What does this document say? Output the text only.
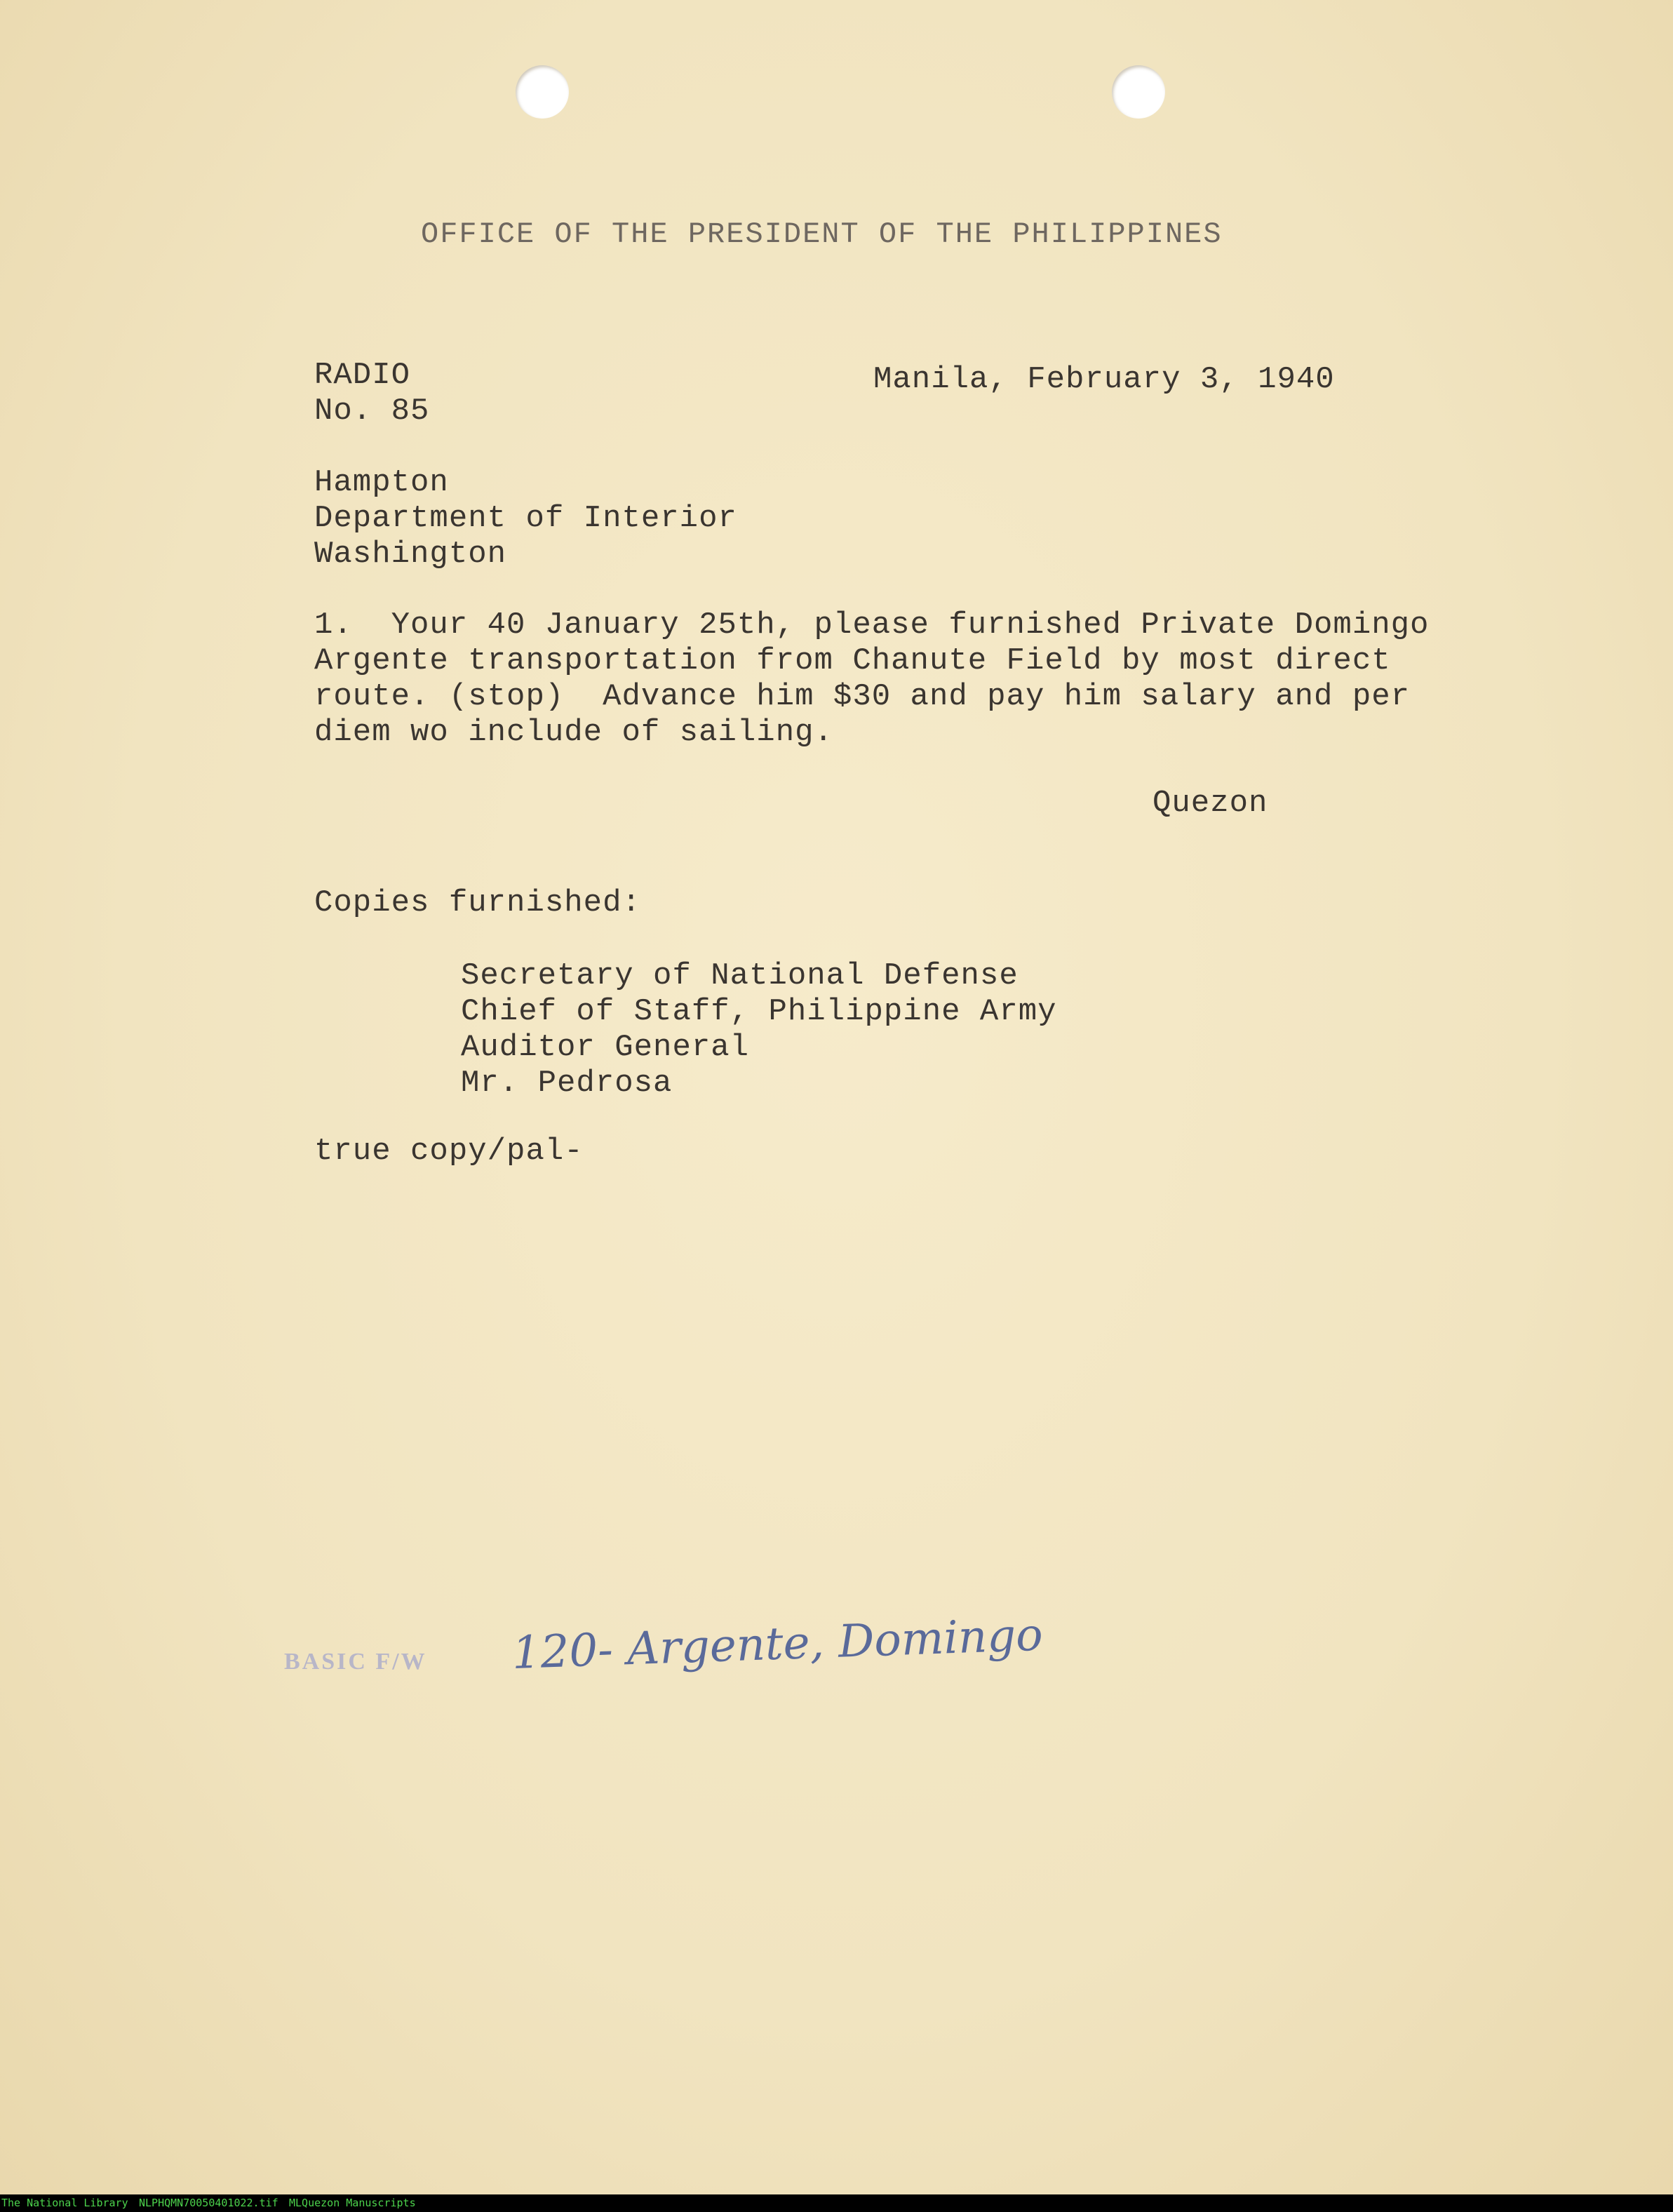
OFFICE OF THE PRESIDENT OF THE PHILIPPINES
RADIO
No. 85
Manila, February 3, 1940
Hampton
Department of Interior
Washington
1.  Your 40 January 25th, please furnished Private Domingo
Argente transportation from Chanute Field by most direct
route. (stop)  Advance him $30 and pay him salary and per
diem wo include of sailing.
Quezon
Copies furnished:
Secretary of National Defense
Chief of Staff, Philippine Army
Auditor General
Mr. Pedrosa
true copy/pal-
BASIC F/W 120- Argente, Domingo
The National Library NLPHQMN70050401022.tif MLQuezon Manuscripts
